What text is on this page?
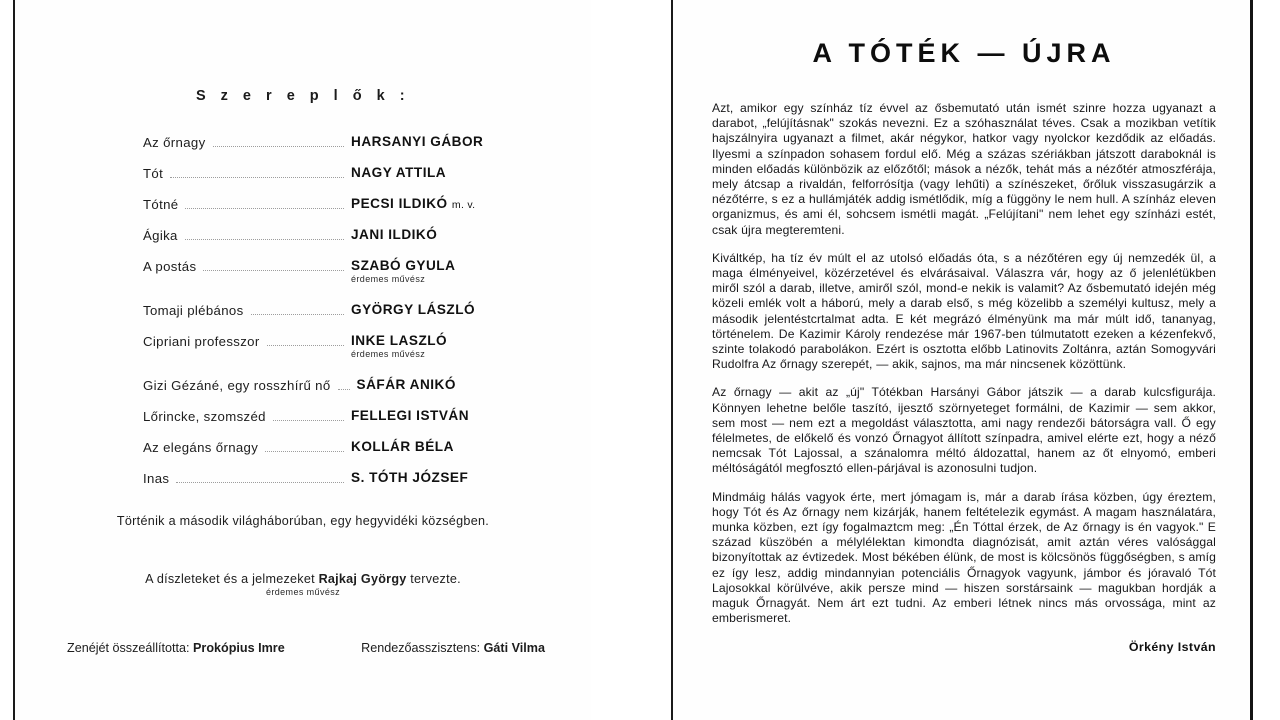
S z e r e p l ő k :
Az őrnagy	HARSANYI GÁBOR
Tót	NAGY ATTILA
Tótné	PECSI ILDIKÓ m. v.
Ágika	JANI ILDIKÓ
A postás	SZABÓ GYULA
érdemes művész
Tomaji plébános	GYÖRGY LÁSZLÓ
Cipriani professzor	INKE LASZLÓ
érdemes művész
Gizi Gézáné, egy rosszhírű nő SÁFÁR ANIKÓ
Lőrincke, szomszéd	FELLEGI ISTVÁN
Az elegáns őrnagy	KOLLÁR BÉLA
Inas	S. TÓTH JÓZSEF
Történik a második világháborúban, egy hegyvidéki községben.
A díszleteket és a jelmezeket Rajkaj György tervezte.
érdemes művész
Zenéjét összeállította: Prokópius Imre	Rendezőasszisztens: Gáti Vilma
A TÓTÉK — ÚJRA

Azt, amikor egy színház tíz évvel az ősbemutató után ismét szinre hozza ugyanazt a darabot, „felújításnak" szokás nevezni. Ez a szóhasználat téves. Csak a mozikban vetítik hajszálnyira ugyanazt a filmet, akár négykor, hatkor vagy nyolckor kezdődik az előadás. Ilyesmi a színpadon sohasem fordul elő. Még a százas szériákban játszott daraboknál is minden előadás különbözik az előzőtől; mások a nézők, tehát más a nézőtér atmoszférája, mely átcsap a rivaldán, felforrósítja (vagy lehűti) a színészeket, őrőluk visszasugárzik a nézőtérre, s ez a hullámjáték addig ismétlődik, míg a függöny le nem hull. A színház eleven organizmus, és ami él, sohcsem ismétli magát. „Felújítani" nem lehet egy színházi estét, csak újra megteremteni.

Kiváltkép, ha tíz év múlt el az utolsó előadás óta, s a nézőtéren egy új nemzedék ül, a maga élményeivel, közérzetével és elvárásaival. Válaszra vár, hogy az ő jelenlétükben miről szól a darab, illetve, amiről szól, mond-e nekik is valamit? Az ősbemutató idején még közeli emlék volt a háború, mely a darab első, s még közelibb a személyi kultusz, mely a második jelentéstcrtalmat adta. E két megrázó élményünk ma már múlt idő, tananyag, történelem. De Kazimir Károly rendezése már 1967-ben túlmutatott ezeken a kézenfekvő, szinte tolakodó parabolákon. Ezért is osztotta előbb Latinovits Zoltánra, aztán Somogyvári Rudolfra Az őrnagy szerepét, — akik, sajnos, ma már nincsenek közöttünk.

Az őrnagy — akit az „új" Tótékban Harsányi Gábor játszik — a darab kulcsfigurája. Könnyen lehetne belőle taszító, ijesztő szörnyeteget formálni, de Kazimir — sem akkor, sem most — nem ezt a megoldást választotta, ami nagy rendezői bátorságra vall. Ő egy félelmetes, de előkelő és vonzó Őrnagyot állított színpadra, amivel elérte ezt, hogy a néző nemcsak Tót Lajossal, a szánalomra méltó áldozattal, hanem az őt elnyomó, emberi méltóságától megfosztó ellen-párjával is azonosulni tudjon.

Mindmáig hálás vagyok érte, mert jómagam is, már a darab írása közben, úgy éreztem, hogy Tót és Az őrnagy nem kizárják, hanem feltételezik egymást. A magam használatára, munka közben, ezt így fogalmaztcm meg: „Én Tóttal érzek, de Az őrnagy is én vagyok." E század küszöbén a mélylélektan kimondta diagnózisát, amit aztán véres valósággal bizonyítottak az évtizedek. Most békében élünk, de most is kölcsönös függőségben, s amíg ez így lesz, addig mindannyian potenciális Őrnagyok vagyunk, jámbor és jóravaló Tót Lajosokkal körülvéve, akik persze mind — hiszen sorstársaink — magukban hordják a maguk Őrnagyát. Nem árt ezt tudni. Az emberi létnek nincs más orvossága, mint az emberismeret.

Örkény István
